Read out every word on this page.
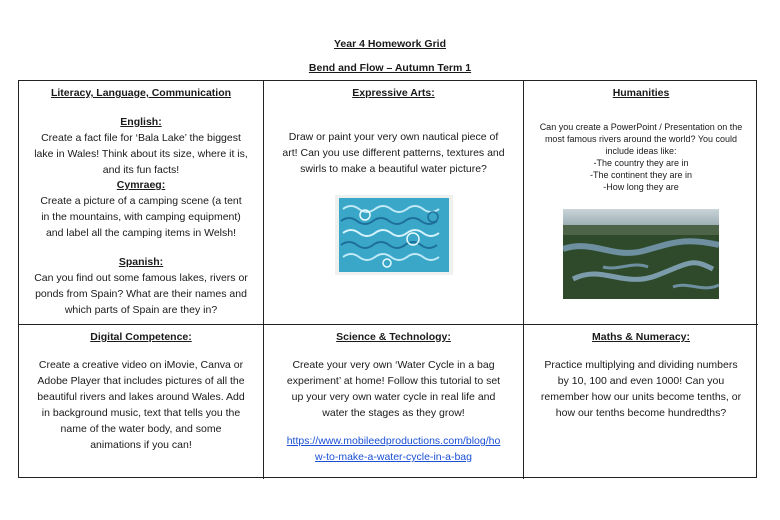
Year 4 Homework Grid
Bend and Flow – Autumn Term 1
Literacy, Language, Communication
English:
Create a fact file for ‘Bala Lake’ the biggest
lake in Wales! Think about its size, where it is,
and its fun facts!
Cymraeg:
Create a picture of a camping scene (a tent
in the mountains, with camping equipment)
and label all the camping items in Welsh!
Spanish:
Can you find out some famous lakes, rivers or
ponds from Spain? What are their names and
which parts of Spain are they in?
Expressive Arts:
Draw or paint your very own nautical piece of
art! Can you use different patterns, textures and
swirls to make a beautiful water picture?
Humanities
Can you create a PowerPoint / Presentation on the
most famous rivers around the world? You could
include ideas like:
-The country they are in
-The continent they are in
-How long they are
Digital Competence:
Create a creative video on iMovie, Canva or
Adobe Player that includes pictures of all the
beautiful rivers and lakes around Wales. Add
in background music, text that tells you the
name of the water body, and some
animations if you can!
Science & Technology:
Create your very own ‘Water Cycle in a bag
experiment’ at home! Follow this tutorial to set
up your very own water cycle in real life and
water the stages as they grow!
https://www.mobileedproductions.com/blog/ho
w-to-make-a-water-cycle-in-a-bag
Maths & Numeracy:
Practice multiplying and dividing numbers
by 10, 100 and even 1000! Can you
remember how our units become tenths, or
how our tenths become hundredths?
